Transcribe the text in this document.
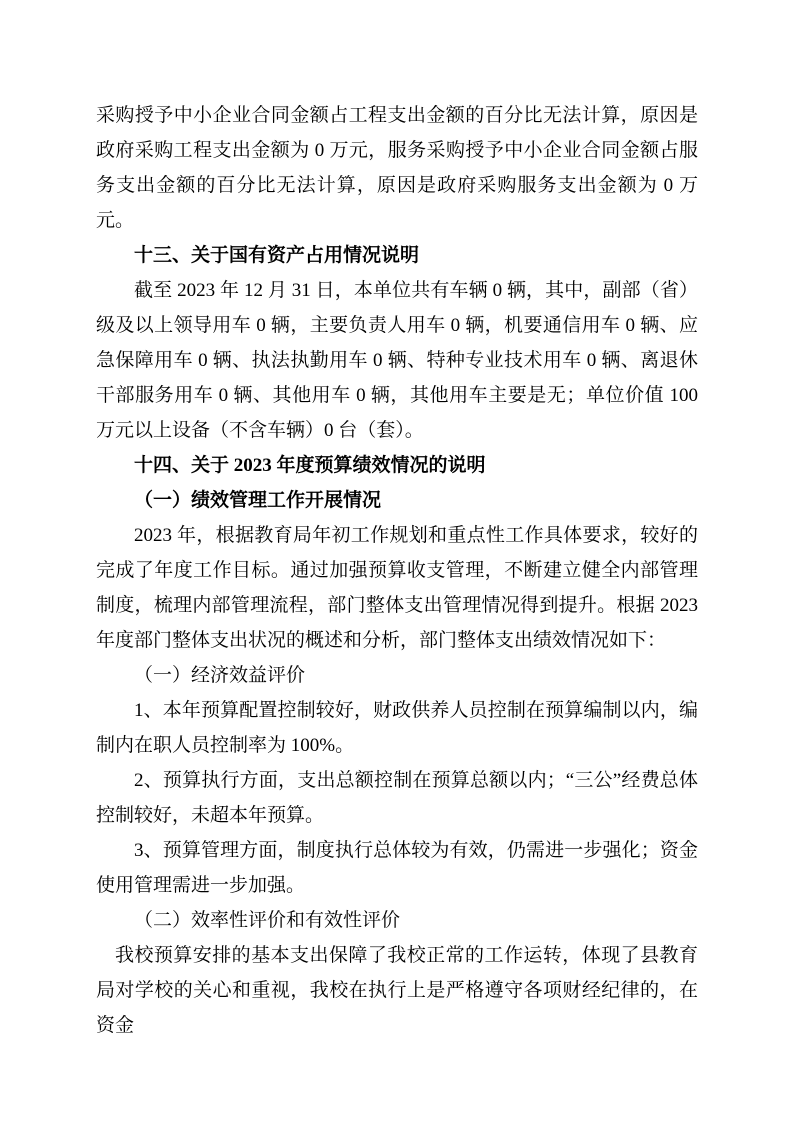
采购授予中小企业合同金额占工程支出金额的百分比无法计算，原因是政府采购工程支出金额为 0 万元，服务采购授予中小企业合同金额占服务支出金额的百分比无法计算，原因是政府采购服务支出金额为 0 万元。

十三、关于国有资产占用情况说明

截至 2023 年 12 月 31 日，本单位共有车辆 0 辆，其中，副部（省）级及以上领导用车 0 辆，主要负责人用车 0 辆，机要通信用车 0 辆、应急保障用车 0 辆、执法执勤用车 0 辆、特种专业技术用车 0 辆、离退休干部服务用车 0 辆、其他用车 0 辆，其他用车主要是无；单位价值 100 万元以上设备（不含车辆）0 台（套）。

十四、关于 2023 年度预算绩效情况的说明

（一）绩效管理工作开展情况

2023 年，根据教育局年初工作规划和重点性工作具体要求，较好的完成了年度工作目标。通过加强预算收支管理，不断建立健全内部管理制度，梳理内部管理流程，部门整体支出管理情况得到提升。根据 2023 年度部门整体支出状况的概述和分析，部门整体支出绩效情况如下：

（一）经济效益评价

1、本年预算配置控制较好，财政供养人员控制在预算编制以内，编制内在职人员控制率为 100%。

2、预算执行方面，支出总额控制在预算总额以内；“三公”经费总体控制较好，未超本年预算。

3、预算管理方面，制度执行总体较为有效，仍需进一步强化；资金使用管理需进一步加强。

（二）效率性评价和有效性评价

我校预算安排的基本支出保障了我校正常的工作运转，体现了县教育局对学校的关心和重视，我校在执行上是严格遵守各项财经纪律的，在资金
